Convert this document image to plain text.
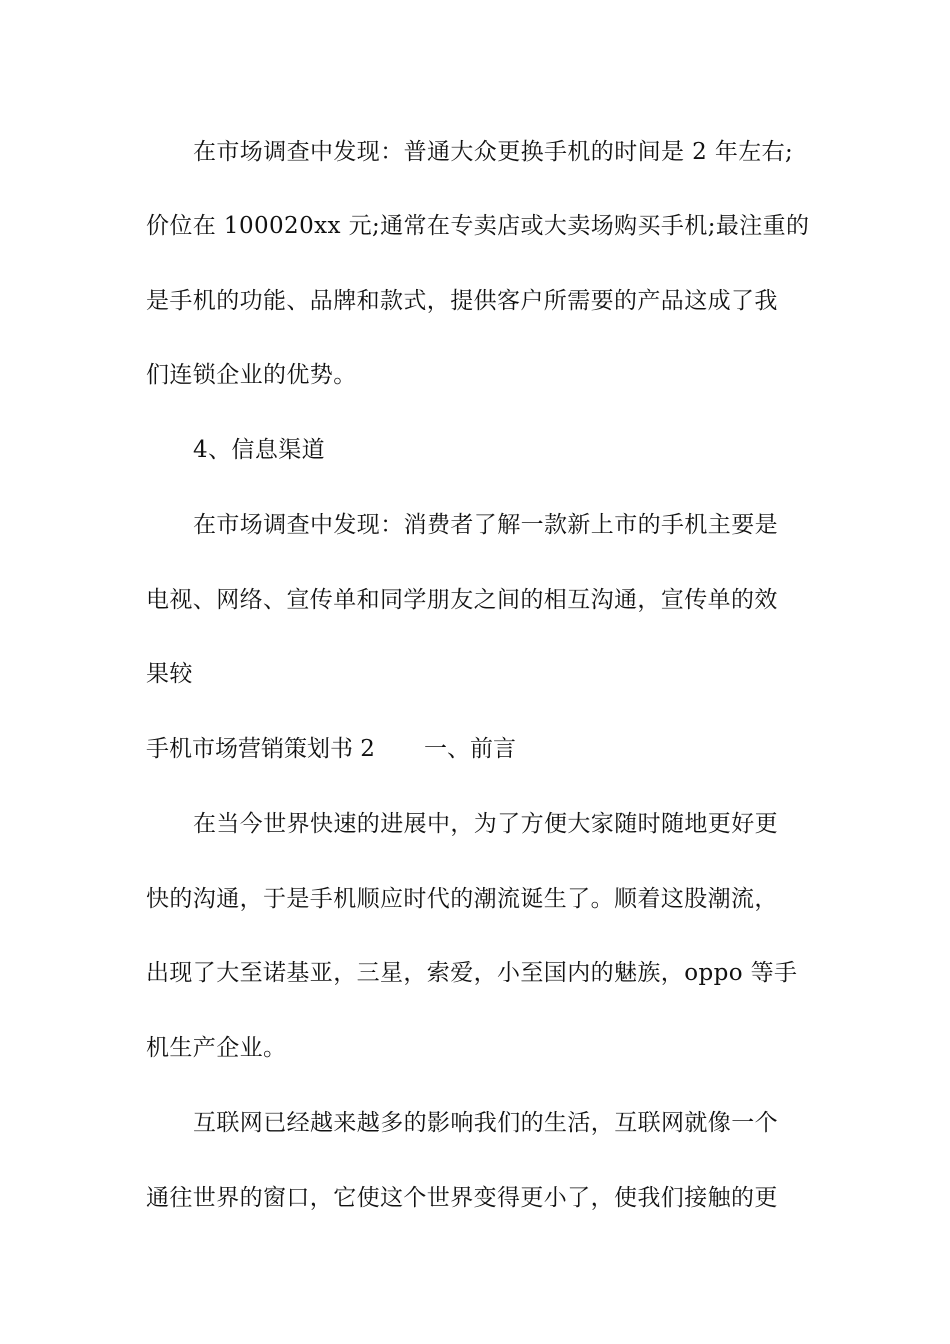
在市场调查中发现：普通大众更换手机的时间是 2 年左右;
价位在 100020xx 元;通常在专卖店或大卖场购买手机;最注重的
是手机的功能、品牌和款式，提供客户所需要的产品这成了我
们连锁企业的优势。
4、信息渠道
在市场调查中发现：消费者了解一款新上市的手机主要是
电视、网络、宣传单和同学朋友之间的相互沟通，宣传单的效
果较
手机市场营销策划书 2 一、前言
在当今世界快速的进展中，为了方便大家随时随地更好更
快的沟通，于是手机顺应时代的潮流诞生了。顺着这股潮流，
出现了大至诺基亚，三星，索爱，小至国内的魅族，oppo 等手
机生产企业。
互联网已经越来越多的影响我们的生活，互联网就像一个
通往世界的窗口，它使这个世界变得更小了，使我们接触的更
